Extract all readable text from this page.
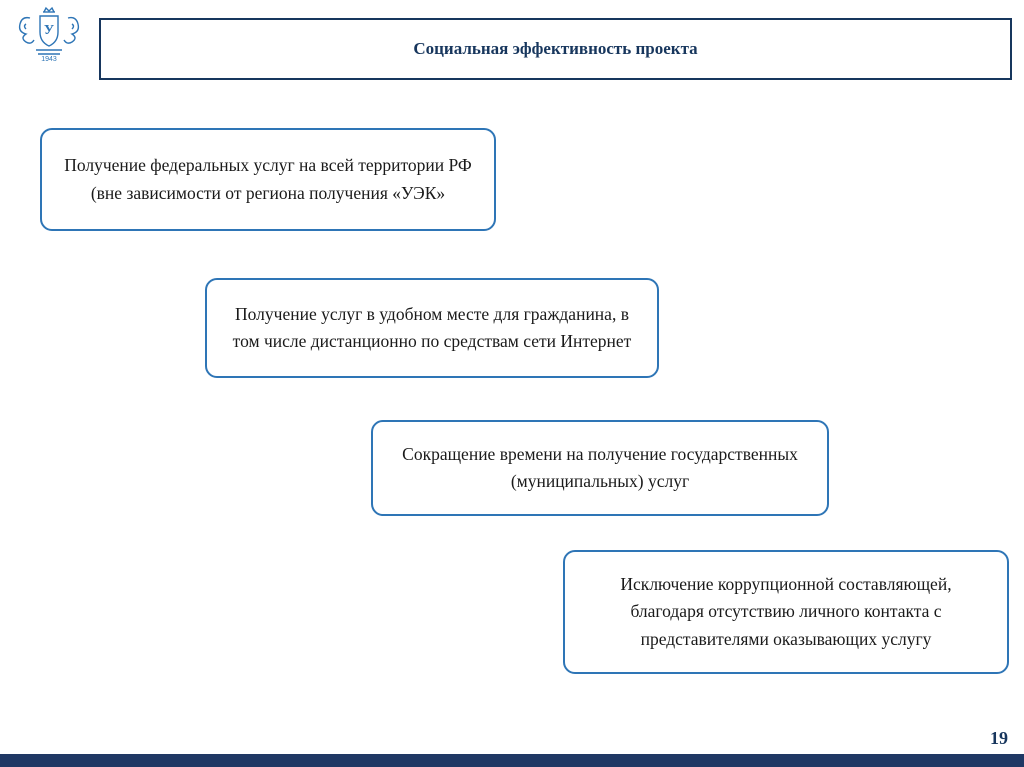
У
1943
Социальная эффективность проекта
Получение федеральных услуг на всей территории РФ (вне зависимости от региона получения «УЭК»
Получение услуг в удобном месте для гражданина, в том числе дистанционно по средствам сети Интернет
Сокращение времени на получение государственных (муниципальных) услуг
Исключение коррупционной составляющей, благодаря отсутствию личного контакта с представителями оказывающих услугу
19
